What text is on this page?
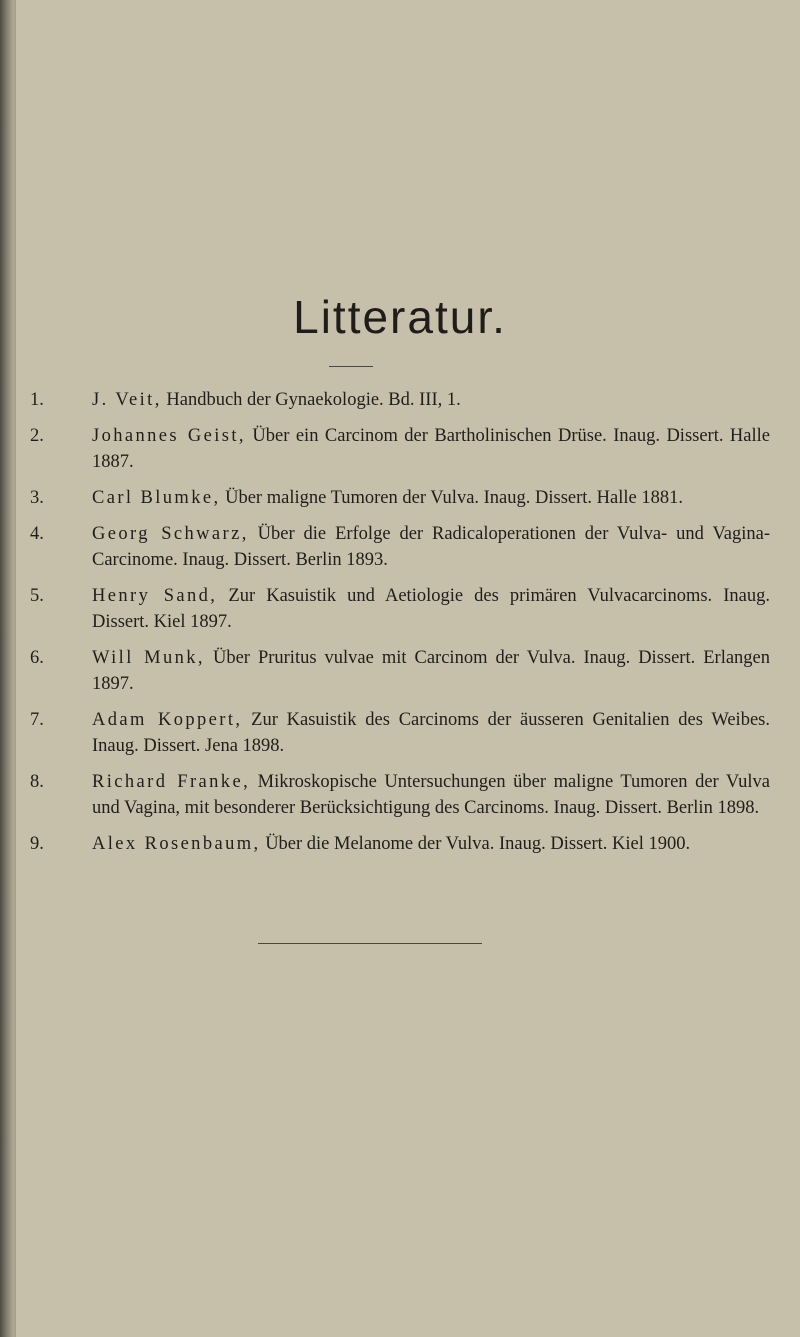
Litteratur.
1.	J. Veit, Handbuch der Gynaekologie. Bd. III, 1.
2.	Johannes Geist, Über ein Carcinom der Bartholinischen Drüse. Inaug. Dissert. Halle 1887.
3.	Carl Blumke, Über maligne Tumoren der Vulva. Inaug. Dissert. Halle 1881.
4.	Georg Schwarz, Über die Erfolge der Radicaloperationen der Vulva- und Vagina-Carcinome. Inaug. Dissert. Berlin 1893.
5.	Henry Sand, Zur Kasuistik und Aetiologie des primären Vulvacarcinoms. Inaug. Dissert. Kiel 1897.
6.	Will Munk, Über Pruritus vulvae mit Carcinom der Vulva. Inaug. Dissert. Erlangen 1897.
7.	Adam Koppert, Zur Kasuistik des Carcinoms der äusseren Genitalien des Weibes. Inaug. Dissert. Jena 1898.
8.	Richard Franke, Mikroskopische Untersuchungen über maligne Tumoren der Vulva und Vagina, mit besonderer Berücksichtigung des Carcinoms. Inaug. Dissert. Berlin 1898.
9.	Alex Rosenbaum, Über die Melanome der Vulva. Inaug. Dissert. Kiel 1900.
